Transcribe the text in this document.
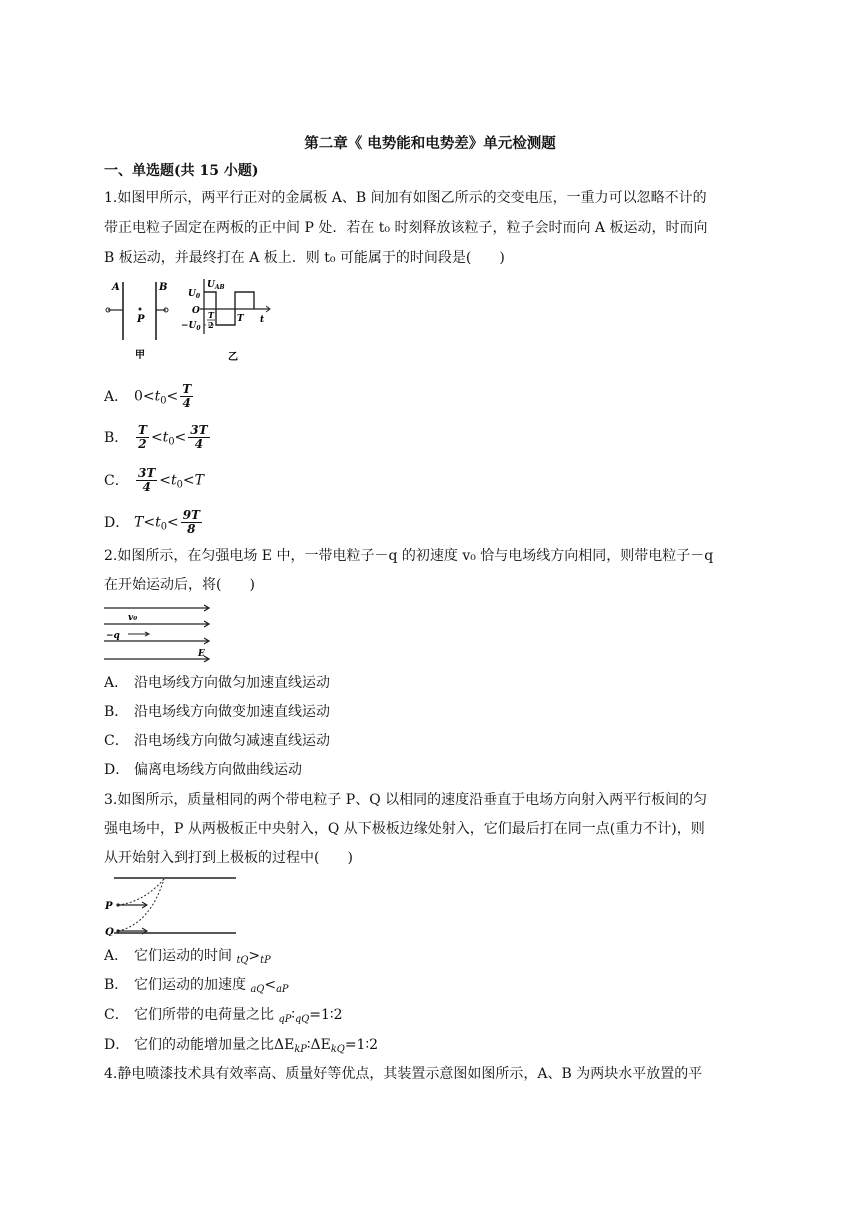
第二章《 电势能和电势差》单元检测题
一、单选题(共 15 小题)
1.如图甲所示，两平行正对的金属板 A、B 间加有如图乙所示的交变电压，一重力可以忽略不计的
带正电粒子固定在两板的正中间 P 处．若在 t₀ 时刻释放该粒子，粒子会时而向 A 板运动，时而向
B 板运动，并最终打在 A 板上．则 t₀ 可能属于的时间段是(　　)
A	B
P
甲
$U_{AB}$
$U_0$
O
$-U_0$
T
2
T t
乙
A． $0<t_0< \frac{T}{4}$
B． $\frac{T}{2} <t_0< \frac{3T}{4}$
C． $\frac{3T}{4} <t_0<T$
D． $T<t_0< \frac{9T}{8}$
2.如图所示，在匀强电场 E 中，一带电粒子－q 的初速度 v₀ 恰与电场线方向相同，则带电粒子－q
在开始运动后，将(　　)
v₀
−q
E
A． 沿电场线方向做匀加速直线运动
B． 沿电场线方向做变加速直线运动
C． 沿电场线方向做匀减速直线运动
D． 偏离电场线方向做曲线运动
3.如图所示，质量相同的两个带电粒子 P、Q 以相同的速度沿垂直于电场方向射入两平行板间的匀
强电场中，P 从两极板正中央射入，Q 从下极板边缘处射入，它们最后打在同一点(重力不计)，则
从开始射入到打到上极板的过程中(　　)
P
Q
A． 它们运动的时间 $_{tQ}>_{tP}$
B． 它们运动的加速度 $_{aQ}<_{aP}$
C． 它们所带的电荷量之比 $_{qP}∶_{qQ}=1∶2$
D． 它们的动能增加量之比$\Delta E_{kP}∶\Delta E_{kQ}=1∶2$
4.静电喷漆技术具有效率高、质量好等优点，其装置示意图如图所示，A、B 为两块水平放置的平
